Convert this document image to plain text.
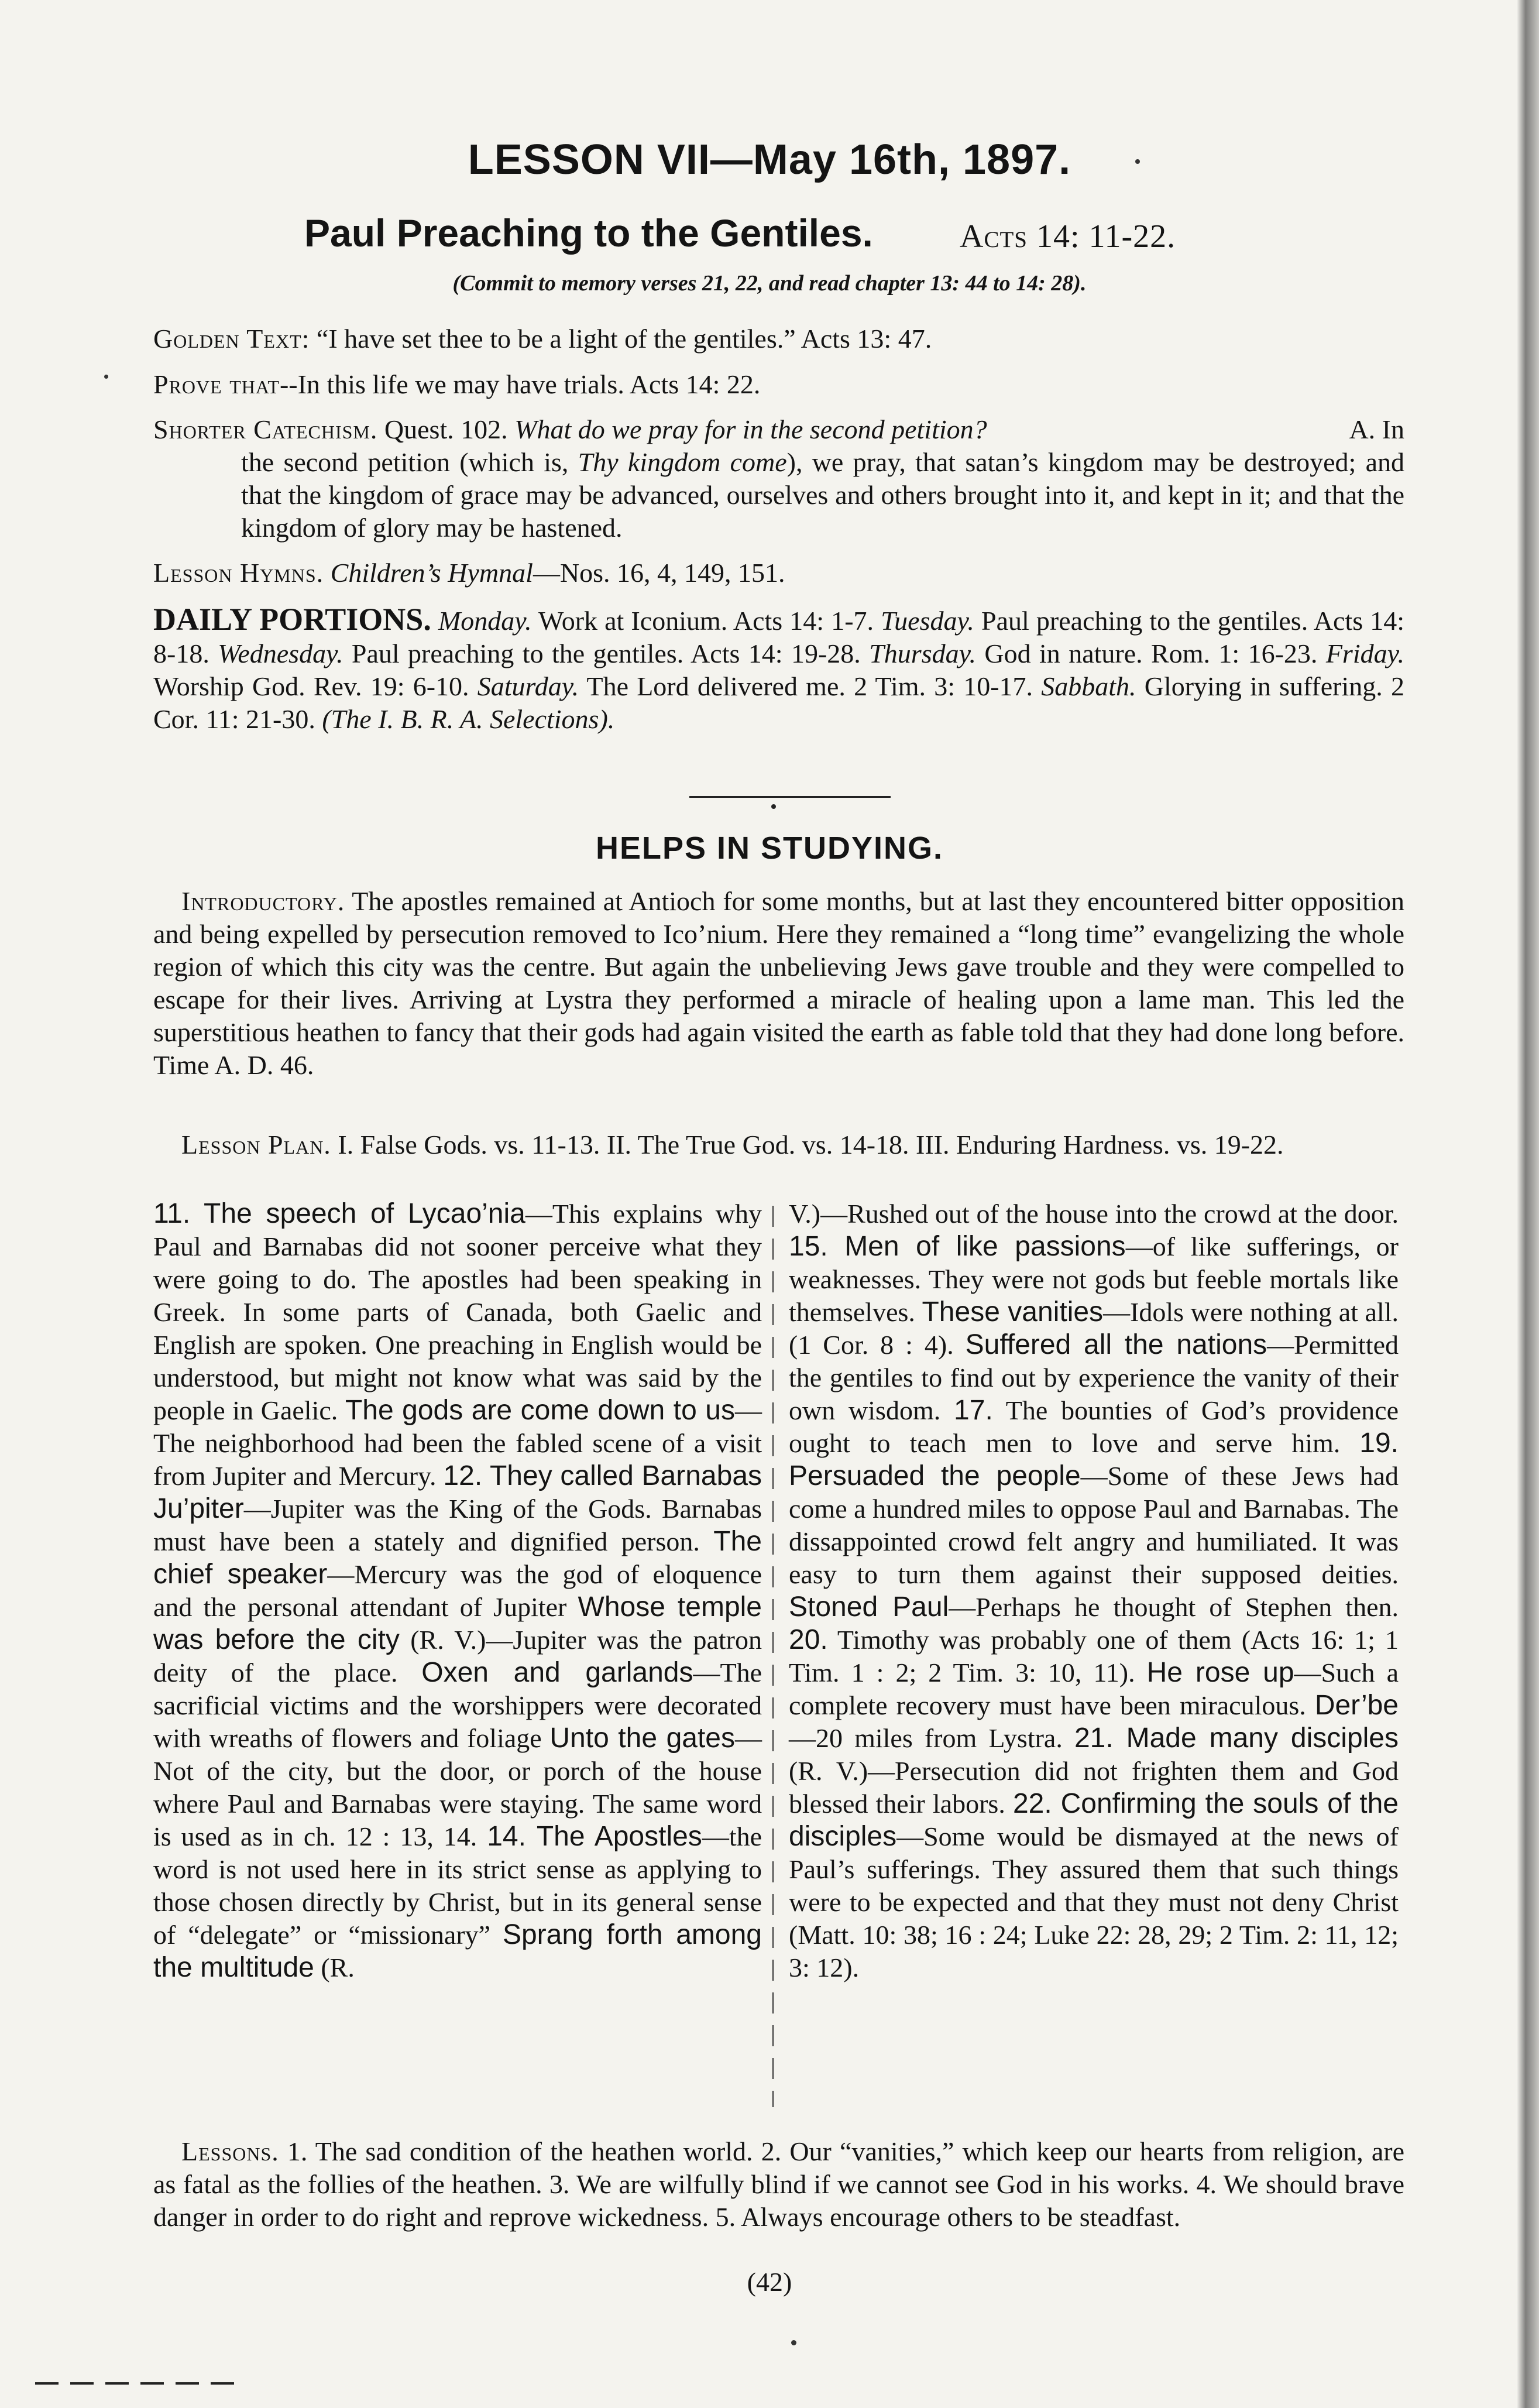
LESSON VII—May 16th, 1897.
Paul Preaching to the Gentiles.	Acts 14: 11-22.
(Commit to memory verses 21, 22, and read chapter 13: 44 to 14: 28).
Golden Text: “I have set thee to be a light of the gentiles.” Acts 13: 47.
Prove that--In this life we may have trials. Acts 14: 22.
Shorter Catechism. Quest. 102. What do we pray for in the second petition?	A. In
the second petition (which is, Thy kingdom come), we pray, that satan’s kingdom may be destroyed; and that the kingdom of grace may be advanced, ourselves and others brought into it, and kept in it; and that the kingdom of glory may be hastened.
Lesson Hymns. Children’s Hymnal—Nos. 16, 4, 149, 151.
DAILY PORTIONS. Monday. Work at Iconium. Acts 14: 1-7. Tuesday. Paul preaching to the gentiles. Acts 14: 8-18. Wednesday. Paul preaching to the gentiles. Acts 14: 19-28. Thursday. God in nature. Rom. 1: 16-23. Friday. Worship God. Rev. 19: 6-10. Saturday. The Lord delivered me. 2 Tim. 3: 10-17. Sabbath. Glorying in suffering. 2 Cor. 11: 21-30. (The I. B. R. A. Selections).
HELPS IN STUDYING.
Introductory. The apostles remained at Antioch for some months, but at last they encountered bitter opposition and being expelled by persecution removed to Ico’nium. Here they remained a “long time” evangelizing the whole region of which this city was the centre. But again the unbelieving Jews gave trouble and they were compelled to escape for their lives. Arriving at Lystra they performed a miracle of healing upon a lame man. This led the superstitious heathen to fancy that their gods had again visited the earth as fable told that they had done long before. Time A. D. 46.
Lesson Plan. I. False Gods. vs. 11-13. II. The True God. vs. 14-18. III. Enduring Hardness. vs. 19-22.
11. The speech of Lycao’nia—This explains why Paul and Barnabas did not sooner perceive what they were going to do. The apostles had been speaking in Greek. In some parts of Canada, both Gaelic and English are spoken. One preaching in English would be understood, but might not know what was said by the people in Gaelic. The gods are come down to us—The neighborhood had been the fabled scene of a visit from Jupiter and Mercury. 12. They called Barnabas Ju’piter—Jupiter was the King of the Gods. Barnabas must have been a stately and dignified person. The chief speaker—Mercury was the god of eloquence and the personal attendant of Jupiter Whose temple was before the city (R. V.)—Jupiter was the patron deity of the place. Oxen and garlands—The sacrificial victims and the worshippers were decorated with wreaths of flowers and foliage Unto the gates—Not of the city, but the door, or porch of the house where Paul and Barnabas were staying. The same word is used as in ch. 12 : 13, 14. 14. The Apostles—the word is not used here in its strict sense as applying to those chosen directly by Christ, but in its general sense of “delegate” or “missionary” Sprang forth among the multitude (R.
V.)—Rushed out of the house into the crowd at the door. 15. Men of like passions—of like sufferings, or weaknesses. They were not gods but feeble mortals like themselves. These vanities—Idols were nothing at all. (1 Cor. 8 : 4). Suffered all the nations—Permitted the gentiles to find out by experience the vanity of their own wisdom. 17. The bounties of God’s providence ought to teach men to love and serve him. 19. Persuaded the people—Some of these Jews had come a hundred miles to oppose Paul and Barnabas. The dissappointed crowd felt angry and humiliated. It was easy to turn them against their supposed deities. Stoned Paul—Perhaps he thought of Stephen then. 20. Timothy was probably one of them (Acts 16: 1; 1 Tim. 1 : 2; 2 Tim. 3: 10, 11). He rose up—Such a complete recovery must have been miraculous. Der’be—20 miles from Lystra. 21. Made many disciples (R. V.)—Persecution did not frighten them and God blessed their labors. 22. Confirming the souls of the disciples—Some would be dismayed at the news of Paul’s sufferings. They assured them that such things were to be expected and that they must not deny Christ (Matt. 10: 38; 16 : 24; Luke 22: 28, 29; 2 Tim. 2: 11, 12; 3: 12).
Lessons. 1. The sad condition of the heathen world. 2. Our “vanities,” which keep our hearts from religion, are as fatal as the follies of the heathen. 3. We are wilfully blind if we cannot see God in his works. 4. We should brave danger in order to do right and reprove wickedness. 5. Always encourage others to be steadfast.
(42)
